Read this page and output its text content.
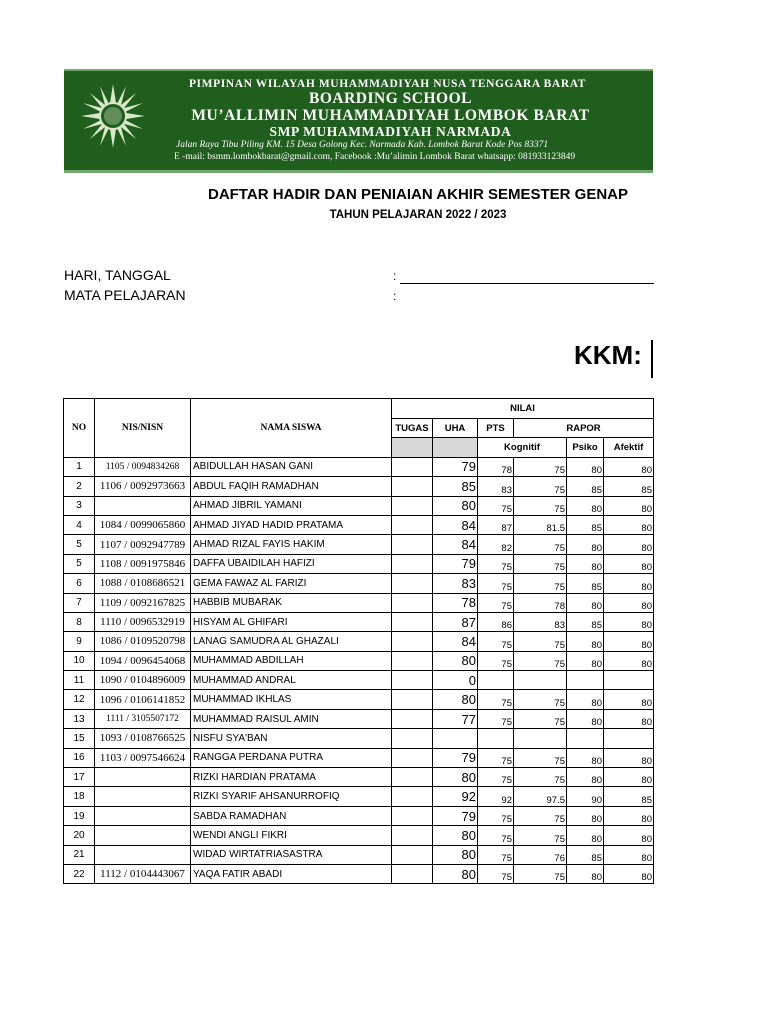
PIMPINAN WILAYAH MUHAMMADIYAH NUSA TENGGARA BARAT
BOARDING SCHOOL
MU’ALLIMIN MUHAMMADIYAH LOMBOK BARAT
SMP MUHAMMADIYAH NARMADA
Jalan Raya Tibu Piling KM. 15 Desa Golong Kec. Narmada Kab. Lombok Barat Kode Pos 83371
E -mail: bsmm.lombokbarat@gmail.com, Facebook :Mu’alimin Lombok Barat whatsapp: 081933123849
DAFTAR HADIR DAN PENIAIAN AKHIR SEMESTER GENAP
TAHUN PELAJARAN 2022 / 2023
HARI, TANGGAL	:
MATA PELAJARAN	:
KKM:
NO	NIS/NISN	NAMA SISWA	NILAI					
			TUGAS	UHA	PTS	RAPOR		
					Kognitif		Psiko	Afektif
1	1105 / 0094834268	ABIDULLAH HASAN GANI		79	78	75	80	80
2	1106 / 0092973663	ABDUL FAQIH RAMADHAN		85	83	75	85	85
3		AHMAD JIBRIL YAMANI		80	75	75	80	80
4	1084 / 0099065860	AHMAD JIYAD HADID PRATAMA		84	87	81.5	85	80
5	1107 / 0092947789	AHMAD RIZAL FAYIS HAKIM		84	82	75	80	80
5	1108 / 0091975846	DAFFA UBAIDILAH HAFIZI		79	75	75	80	80
6	1088 / 0108686521	GEMA FAWAZ AL FARIZI		83	75	75	85	80
7	1109 / 0092167825	HABBIB MUBARAK		78	75	78	80	80
8	1110 / 0096532919	HISYAM AL GHIFARI		87	86	83	85	80
9	1086 / 0109520798	LANAG SAMUDRA AL GHAZALI		84	75	75	80	80
10	1094 / 0096454068	MUHAMMAD ABDILLAH		80	75	75	80	80
11	1090 / 0104896009	MUHAMMAD ANDRAL		0				
12	1096 / 0106141852	MUHAMMAD IKHLAS		80	75	75	80	80
13	1111 / 3105507172	MUHAMMAD RAISUL AMIN		77	75	75	80	80
15	1093 / 0108766525	NISFU SYA'BAN						
16	1103 / 0097546624	RANGGA PERDANA PUTRA		79	75	75	80	80
17		RIZKI HARDIAN PRATAMA		80	75	75	80	80
18		RIZKI SYARIF AHSANURROFIQ		92	92	97.5	90	85
19		SABDA RAMADHAN		79	75	75	80	80
20		WENDI ANGLI FIKRI		80	75	75	80	80
21		WIDAD WIRTATRIASASTRA		80	75	76	85	80
22	1112 / 0104443067	YAQA FATIR ABADI		80	75	75	80	80
